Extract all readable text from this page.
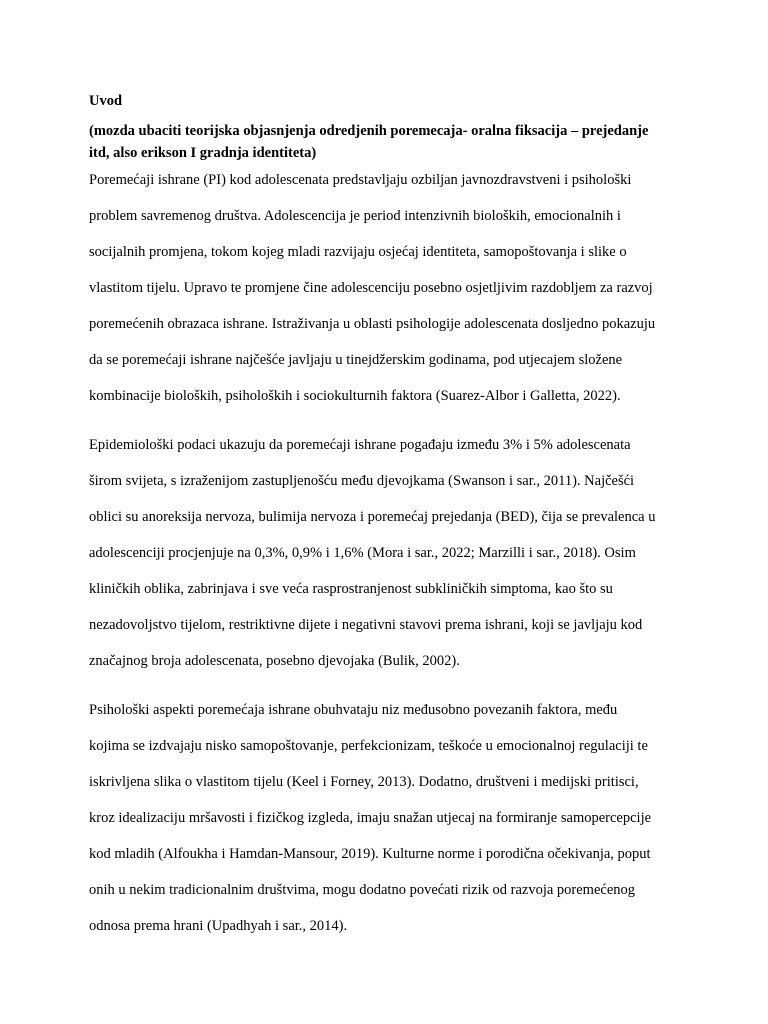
Uvod
(mozda ubaciti teorijska objasnjenja odredjenih poremecaja- oralna fiksacija – prejedanje
itd, also erikson I gradnja identiteta)
Poremećaji ishrane (PI) kod adolescenata predstavljaju ozbiljan javnozdravstveni i psihološki
problem savremenog društva. Adolescencija je period intenzivnih bioloških, emocionalnih i
socijalnih promjena, tokom kojeg mladi razvijaju osjećaj identiteta, samopoštovanja i slike o
vlastitom tijelu. Upravo te promjene čine adolescenciju posebno osjetljivim razdobljem za razvoj
poremećenih obrazaca ishrane. Istraživanja u oblasti psihologije adolescenata dosljedno pokazuju
da se poremećaji ishrane najčešće javljaju u tinejdžerskim godinama, pod utjecajem složene
kombinacije bioloških, psiholoških i sociokulturnih faktora (Suarez-Albor i Galletta, 2022).
Epidemiološki podaci ukazuju da poremećaji ishrane pogađaju između 3% i 5% adolescenata
širom svijeta, s izraženijom zastupljenošću među djevojkama (Swanson i sar., 2011). Najčešći
oblici su anoreksija nervoza, bulimija nervoza i poremećaj prejedanja (BED), čija se prevalenca u
adolescenciji procjenjuje na 0,3%, 0,9% i 1,6% (Mora i sar., 2022; Marzilli i sar., 2018). Osim
kliničkih oblika, zabrinjava i sve veća rasprostranjenost subkliničkih simptoma, kao što su
nezadovoljstvo tijelom, restriktivne dijete i negativni stavovi prema ishrani, koji se javljaju kod
značajnog broja adolescenata, posebno djevojaka (Bulik, 2002).
Psihološki aspekti poremećaja ishrane obuhvataju niz međusobno povezanih faktora, među
kojima se izdvajaju nisko samopoštovanje, perfekcionizam, teškoće u emocionalnoj regulaciji te
iskrivljena slika o vlastitom tijelu (Keel i Forney, 2013). Dodatno, društveni i medijski pritisci,
kroz idealizaciju mršavosti i fizičkog izgleda, imaju snažan utjecaj na formiranje samopercepcije
kod mladih (Alfoukha i Hamdan-Mansour, 2019). Kulturne norme i porodična očekivanja, poput
onih u nekim tradicionalnim društvima, mogu dodatno povećati rizik od razvoja poremećenog
odnosa prema hrani (Upadhyah i sar., 2014).
